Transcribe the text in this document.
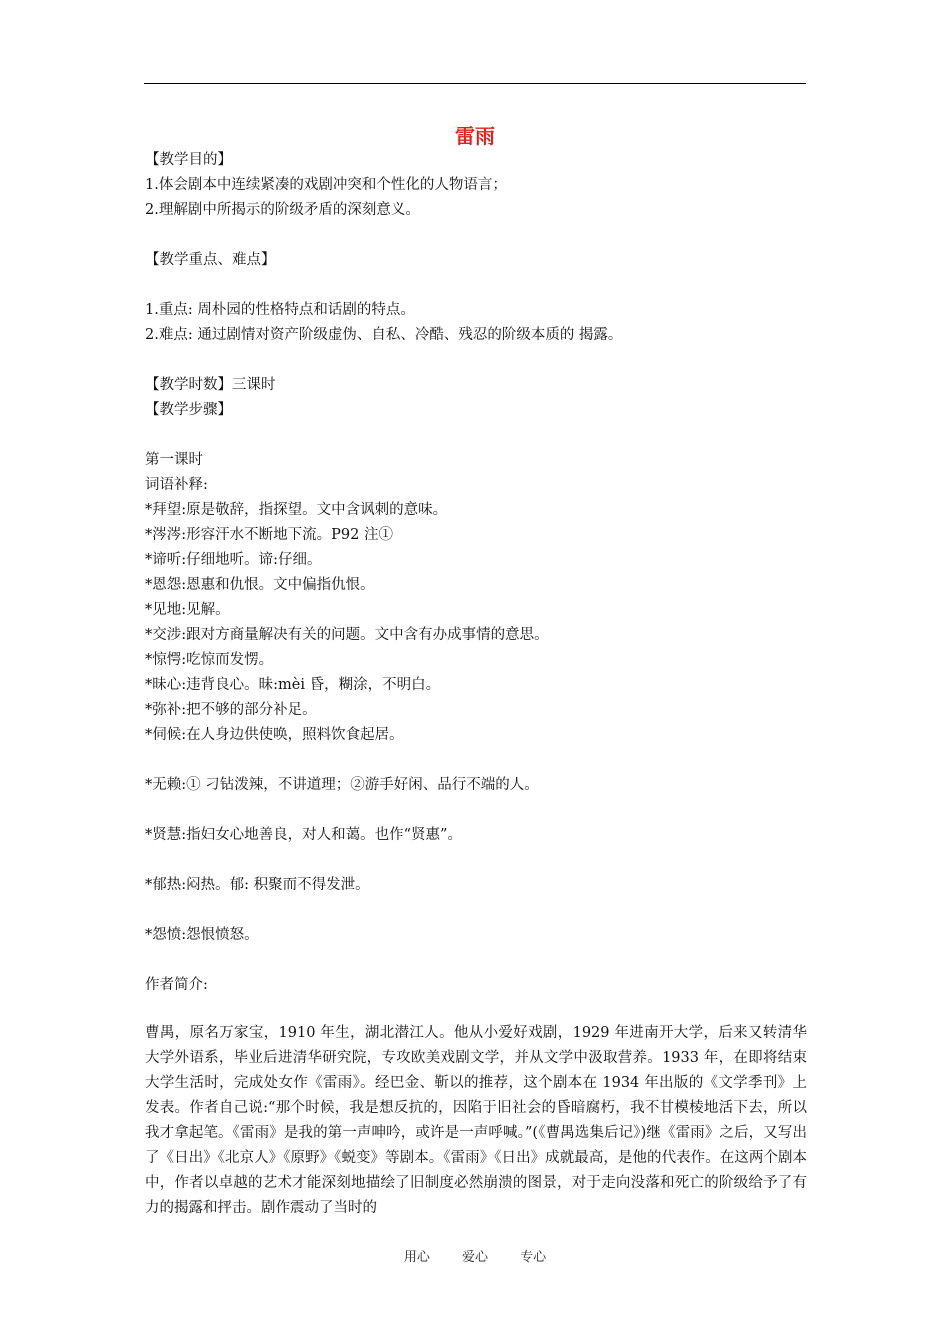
雷雨
【教学目的】
1.体会剧本中连续紧凑的戏剧冲突和个性化的人物语言；
2.理解剧中所揭示的阶级矛盾的深刻意义。
【教学重点、难点】
1.重点: 周朴园的性格特点和话剧的特点。
2.难点: 通过剧情对资产阶级虚伪、自私、冷酷、残忍的阶级本质的 揭露。
【教学时数】三课时
【教学步骤】
第一课时
词语补释:
*拜望:原是敬辞，指探望。文中含讽刺的意味。
*涔涔:形容汗水不断地下流。P92 注①
*谛听:仔细地听。谛:仔细。
*恩怨:恩惠和仇恨。文中偏指仇恨。
*见地:见解。
*交涉:跟对方商量解决有关的问题。文中含有办成事情的意思。
*惊愕:吃惊而发愣。
*昧心:违背良心。昧:mèi 昏，糊涂，不明白。
*弥补:把不够的部分补足。
*伺候:在人身边供使唤，照料饮食起居。
*无赖:① 刁钻泼辣，不讲道理；②游手好闲、品行不端的人。
*贤慧:指妇女心地善良，对人和蔼。也作“贤惠”。
*郁热:闷热。郁: 积聚而不得发泄。
*怨愤:怨恨愤怒。
作者简介:
曹禺，原名万家宝，1910 年生，湖北潜江人。他从小爱好戏剧，1929 年进南开大学，后来又转清华大学外语系，毕业后进清华研究院，专攻欧美戏剧文学，并从文学中汲取营养。1933 年，在即将结束大学生活时，完成处女作《雷雨》。经巴金、靳以的推荐，这个剧本在 1934 年出版的《文学季刊》上发表。作者自己说:“那个时候，我是想反抗的，因陷于旧社会的昏暗腐朽，我不甘模棱地活下去，所以我才拿起笔。《雷雨》是我的第一声呻吟，或许是一声呼喊。”(《曹禺选集后记》)继《雷雨》之后，又写出了《日出》《北京人》《原野》《蜕变》等剧本。《雷雨》《日出》成就最高，是他的代表作。在这两个剧本中，作者以卓越的艺术才能深刻地描绘了旧制度必然崩溃的图景，对于走向没落和死亡的阶级给予了有力的揭露和抨击。剧作震动了当时的
用心 爱心 专心
